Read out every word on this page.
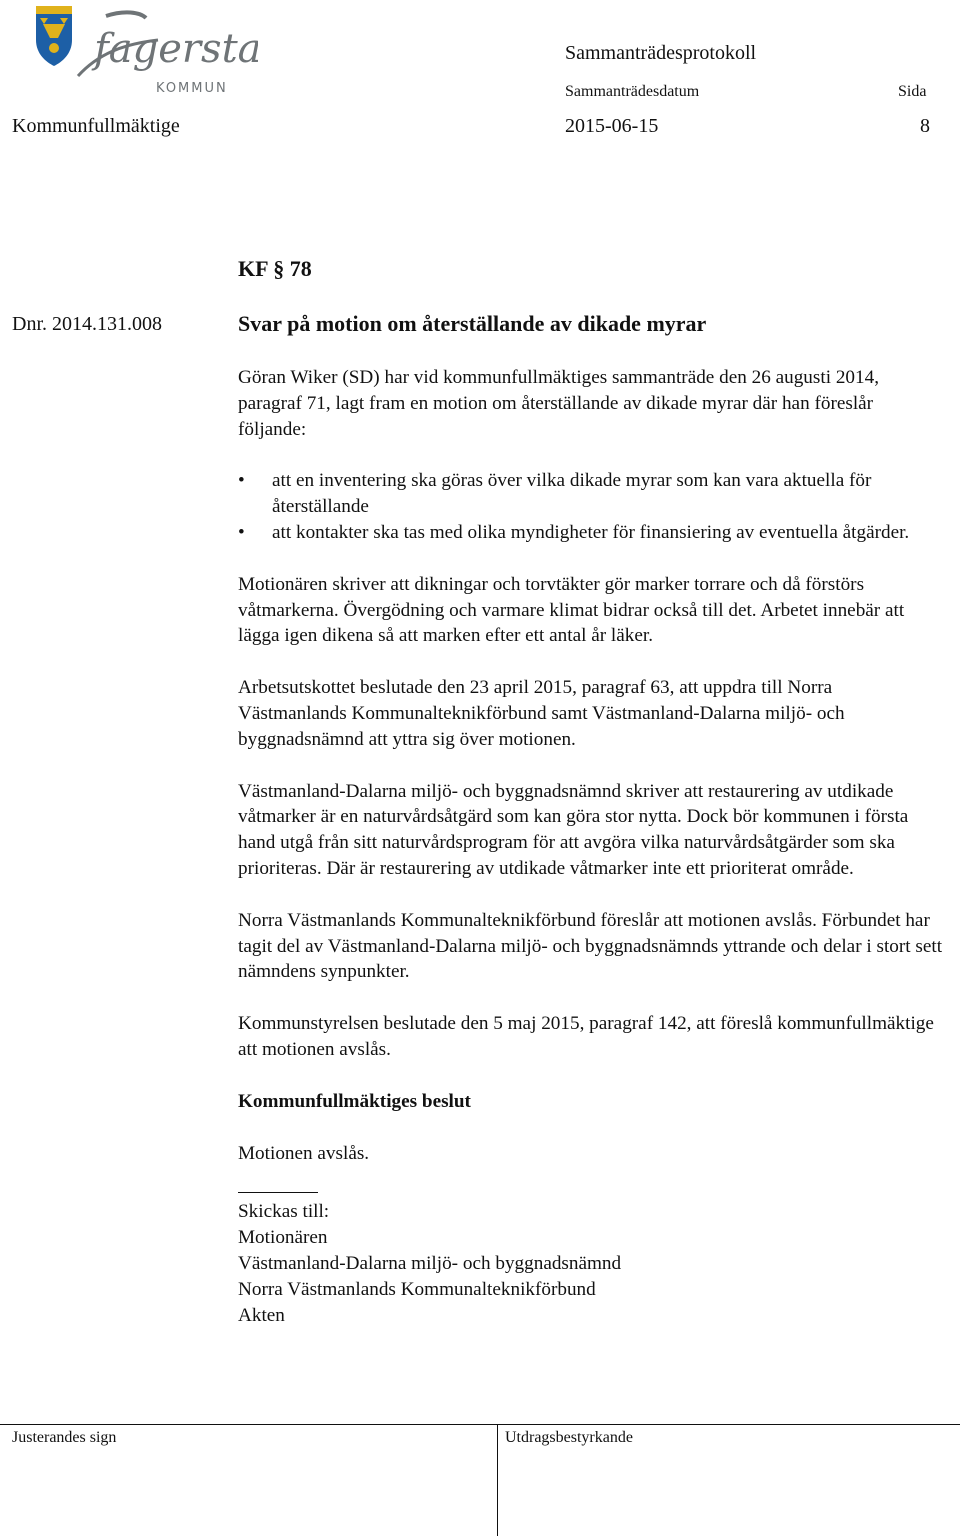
fagersta
KOMMUN
Sammanträdesprotokoll
Sammanträdesdatum	Sida
Kommunfullmäktige	2015-06-15	8
KF § 78
Dnr. 2014.131.008	Svar på motion om återställande av dikade myrar

Göran Wiker (SD) har vid kommunfullmäktiges sammanträde den 26 augusti 2014, paragraf 71, lagt fram en motion om återställande av dikade myrar där han föreslår följande:

• att en inventering ska göras över vilka dikade myrar som kan vara aktuella för återställande
• att kontakter ska tas med olika myndigheter för finansiering av eventuella åtgärder.

Motionären skriver att dikningar och torvtäkter gör marker torrare och då förstörs våtmarkerna. Övergödning och varmare klimat bidrar också till det. Arbetet innebär att lägga igen dikena så att marken efter ett antal år läker.

Arbetsutskottet beslutade den 23 april 2015, paragraf 63, att uppdra till Norra Västmanlands Kommunalteknikförbund samt Västmanland-Dalarna miljö- och byggnadsnämnd att yttra sig över motionen.

Västmanland-Dalarna miljö- och byggnadsnämnd skriver att restaurering av utdikade våtmarker är en naturvårdsåtgärd som kan göra stor nytta. Dock bör kommunen i första hand utgå från sitt naturvårdsprogram för att avgöra vilka naturvårdsåtgärder som ska prioriteras. Där är restaurering av utdikade våtmarker inte ett prioriterat område.

Norra Västmanlands Kommunalteknikförbund föreslår att motionen avslås. Förbundet har tagit del av Västmanland-Dalarna miljö- och byggnadsnämnds yttrande och delar i stort sett nämndens synpunkter.

Kommunstyrelsen beslutade den 5 maj 2015, paragraf 142, att föreslå kommunfullmäktige att motionen avslås.

Kommunfullmäktiges beslut

Motionen avslås.

Skickas till:
Motionären
Västmanland-Dalarna miljö- och byggnadsnämnd
Norra Västmanlands Kommunalteknikförbund
Akten
Justerandes sign	Utdragsbestyrkande
